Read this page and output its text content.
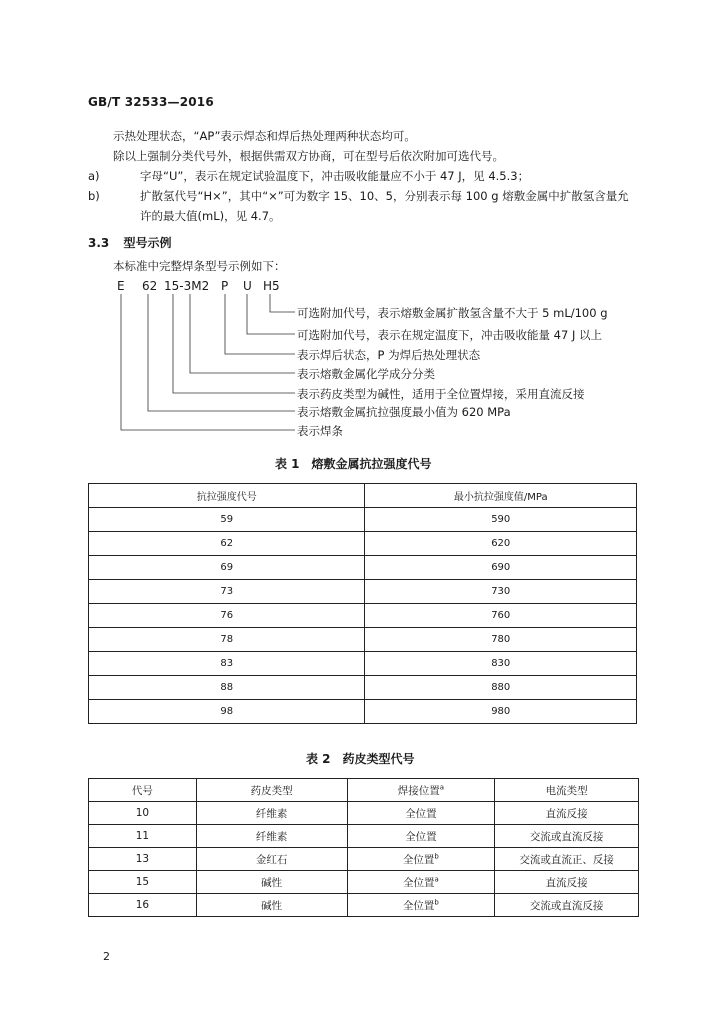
GB/T 32533—2016
示热处理状态，“AP”表示焊态和焊后热处理两种状态均可。
除以上强制分类代号外，根据供需双方协商，可在型号后依次附加可选代号。
a)	字母“U”，表示在规定试验温度下，冲击吸收能量应不小于 47 J，见 4.5.3；
b)	扩散氢代号“H×”，其中“×”可为数字 15、10、5，分别表示每 100 g 熔敷金属中扩散氢含量允
许的最大值(mL)，见 4.7。
3.3 型号示例
本标准中完整焊条型号示例如下：
E 62 15-3M2 P U H5
可选附加代号，表示熔敷金属扩散氢含量不大于 5 mL/100 g
可选附加代号，表示在规定温度下，冲击吸收能量 47 J 以上
表示焊后状态，P 为焊后热处理状态
表示熔敷金属化学成分分类
表示药皮类型为碱性，适用于全位置焊接，采用直流反接
表示熔敷金属抗拉强度最小值为 620 MPa
表示焊条
表 1　熔敷金属抗拉强度代号
抗拉强度代号	最小抗拉强度值/MPa
59	590
62	620
69	690
73	730
76	760
78	780
83	830
88	880
98	980
表 2　药皮类型代号
代号	药皮类型	焊接位置$^a$	电流类型
10	纤维素	全位置	直流反接
11	纤维素	全位置	交流或直流反接
13	金红石	全位置$^b$	交流或直流正、反接
15	碱性	全位置$^a$	直流反接
16	碱性	全位置$^b$	交流或直流反接
2
